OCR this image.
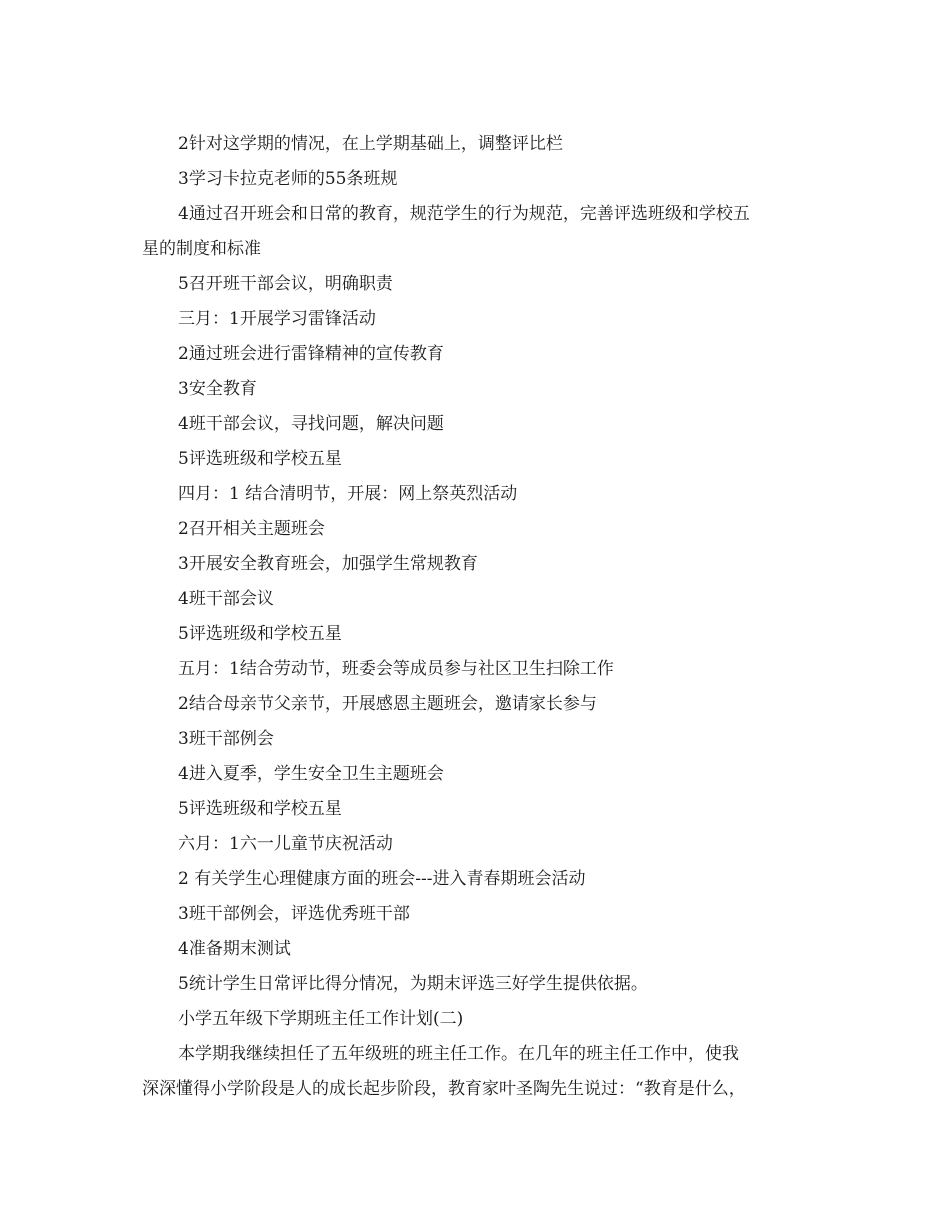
2针对这学期的情况，在上学期基础上，调整评比栏
3学习卡拉克老师的55条班规
4通过召开班会和日常的教育，规范学生的行为规范，完善评选班级和学校五
星的制度和标准
5召开班干部会议，明确职责
三月：1开展学习雷锋活动
2通过班会进行雷锋精神的宣传教育
3安全教育
4班干部会议，寻找问题，解决问题
5评选班级和学校五星
四月：1 结合清明节，开展：网上祭英烈活动
2召开相关主题班会
3开展安全教育班会，加强学生常规教育
4班干部会议
5评选班级和学校五星
五月：1结合劳动节，班委会等成员参与社区卫生扫除工作
2结合母亲节父亲节，开展感恩主题班会，邀请家长参与
3班干部例会
4进入夏季，学生安全卫生主题班会
5评选班级和学校五星
六月：1六一儿童节庆祝活动
2 有关学生心理健康方面的班会---进入青春期班会活动
3班干部例会，评选优秀班干部
4准备期末测试
5统计学生日常评比得分情况，为期末评选三好学生提供依据。
小学五年级下学期班主任工作计划(二)
本学期我继续担任了五年级班的班主任工作。在几年的班主任工作中，使我
深深懂得小学阶段是人的成长起步阶段，教育家叶圣陶先生说过：“教育是什么，
